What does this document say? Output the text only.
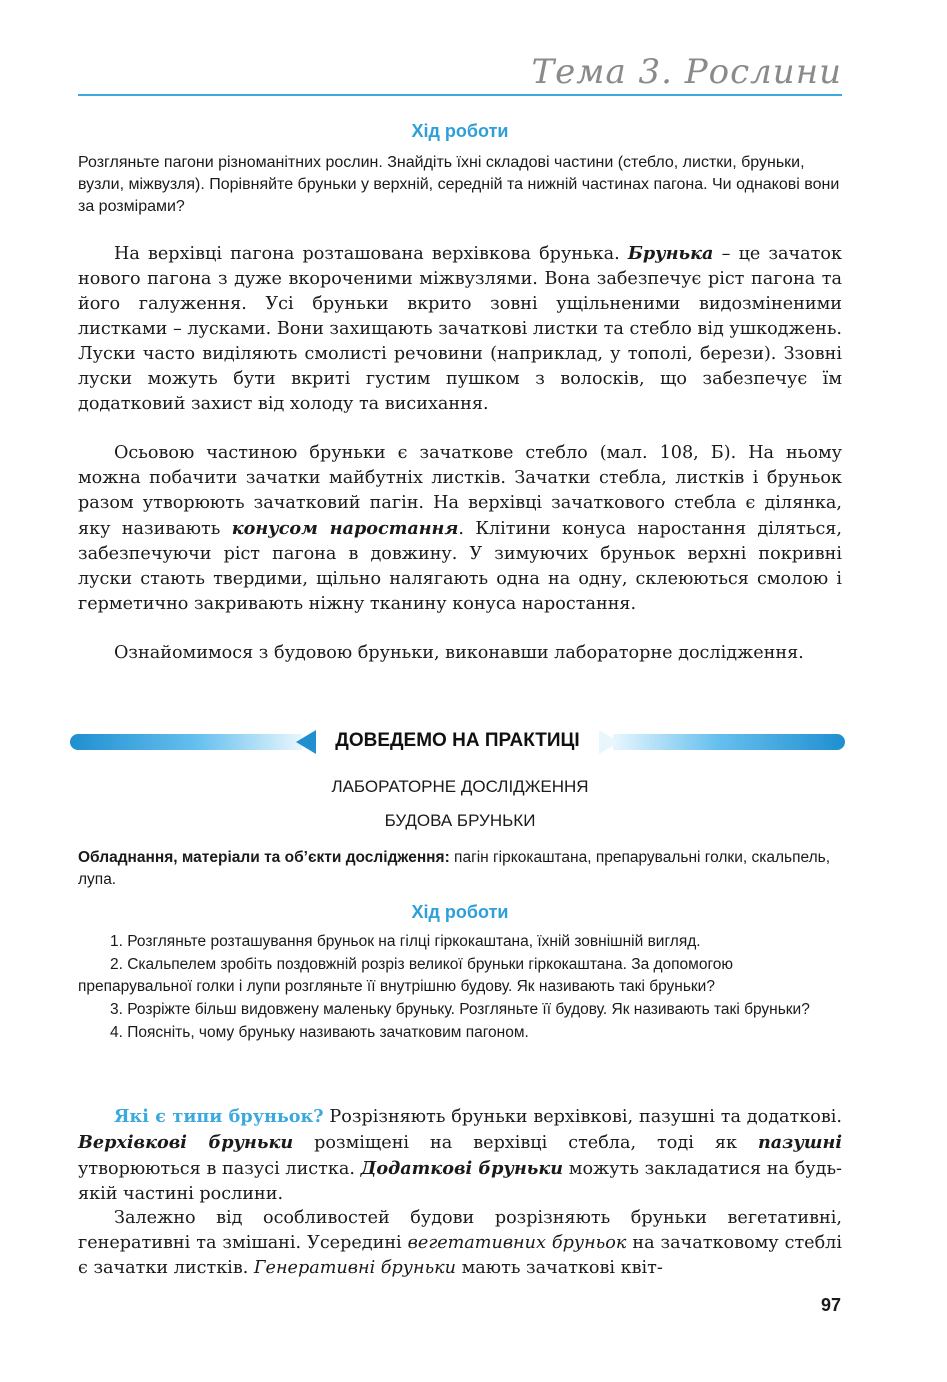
Тема 3. Рослини
Хід роботи

Розгляньте пагони різноманітних рослин. Знайдіть їхні складові частини (стебло, листки, бруньки, вузли, міжвузля). Порівняйте бруньки у верхній, середній та нижній частинах пагона. Чи однакові вони за розмірами?

На верхівці пагона розташована верхівкова брунька. Брунька – це зачаток нового пагона з дуже вкороченими міжвузлями. Вона забезпечує ріст пагона та його галуження. Усі бруньки вкрито зовні ущільненими видозміненими листками – лусками. Вони захищають зачаткові листки та стебло від ушкоджень. Луски часто виділяють смолисті речовини (наприклад, у тополі, берези). Ззовні луски можуть бути вкриті густим пушком з волосків, що забезпечує їм додатковий захист від холоду та висихання.

Осьовою частиною бруньки є зачаткове стебло (мал. 108, Б). На ньому можна побачити зачатки майбутніх листків. Зачатки стебла, листків і бруньок разом утворюють зачатковий пагін. На верхівці зачаткового стебла є ділянка, яку називають конусом наростання. Клітини конуса наростання діляться, забезпечуючи ріст пагона в довжину. У зимуючих бруньок верхні покривні луски стають твердими, щільно налягають одна на одну, склеюються смолою і герметично закривають ніжну тканину конуса наростання.

Ознайомимося з будовою бруньки, виконавши лабораторне дослідження.

ДОВЕДЕМО НА ПРАКТИЦІ
ЛАБОРАТОРНЕ ДОСЛІДЖЕННЯ
БУДОВА БРУНЬКИ

Обладнання, матеріали та об’єкти дослідження: пагін гіркокаштана, препарувальні голки, скальпель, лупа.

Хід роботи
1. Розгляньте розташування бруньок на гілці гіркокаштана, їхній зовнішній вигляд.
2. Скальпелем зробіть поздовжній розріз великої бруньки гіркокаштана. За допомогою препарувальної голки і лупи розгляньте її внутрішню будову. Як називають такі бруньки?
3. Розріжте більш видовжену маленьку бруньку. Розгляньте її будову. Як називають такі бруньки?
4. Поясніть, чому бруньку називають зачатковим пагоном.

Які є типи бруньок? Розрізняють бруньки верхівкові, пазушні та додаткові. Верхівкові бруньки розміщені на верхівці стебла, тоді як пазушні утворюються в пазусі листка. Додаткові бруньки можуть закладатися на будь-якій частині рослини.

Залежно від особливостей будови розрізняють бруньки вегетативні, генеративні та змішані. Усередині вегетативних бруньок на зачатковому стеблі є зачатки листків. Генеративні бруньки мають зачаткові квіт-

97
